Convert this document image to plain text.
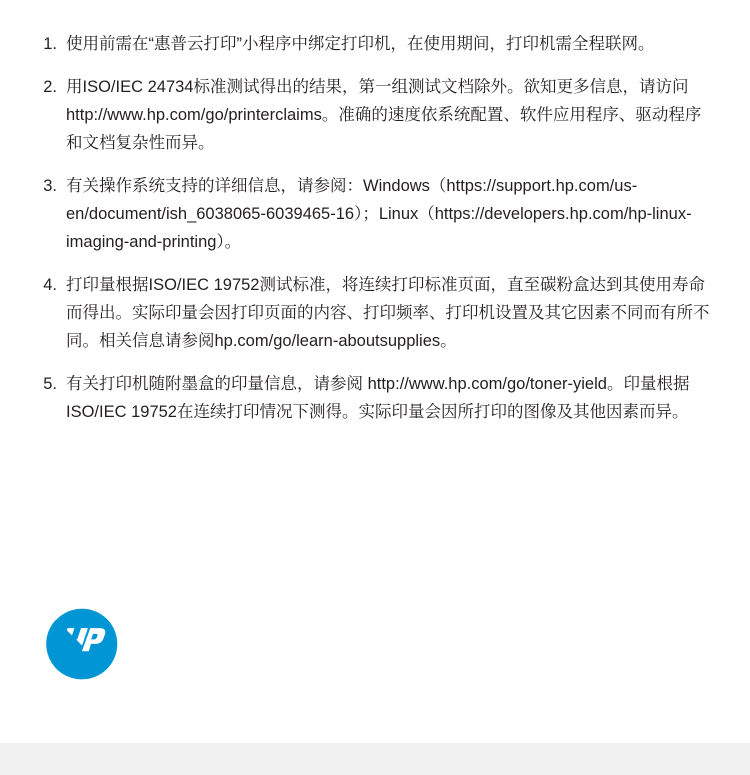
1. 使用前需在“惠普云打印”小程序中绑定打印机，在使用期间，打印机需全程联网。
2. 用ISO/IEC 24734标准测试得出的结果，第一组测试文档除外。欲知更多信息，请访问http://www.hp.com/go/printerclaims。准确的速度依系统配置、软件应用程序、驱动程序和文档复杂性而异。
3. 有关操作系统支持的详细信息，请参阅：Windows（https://support.hp.com/us-en/document/ish_6038065-6039465-16）；Linux（https://developers.hp.com/hp-linux-imaging-and-printing）。
4. 打印量根据ISO/IEC 19752测试标准，将连续打印标准页面，直至碳粉盒达到其使用寿命而得出。实际印量会因打印页面的内容、打印频率、打印机设置及其它因素不同而有所不同。相关信息请参阅hp.com/go/learn-aboutsupplies。
5. 有关打印机随附墨盒的印量信息，请参阅 http://www.hp.com/go/toner-yield。印量根据ISO/IEC 19752在连续打印情况下测得。实际印量会因所打印的图像及其他因素而异。
